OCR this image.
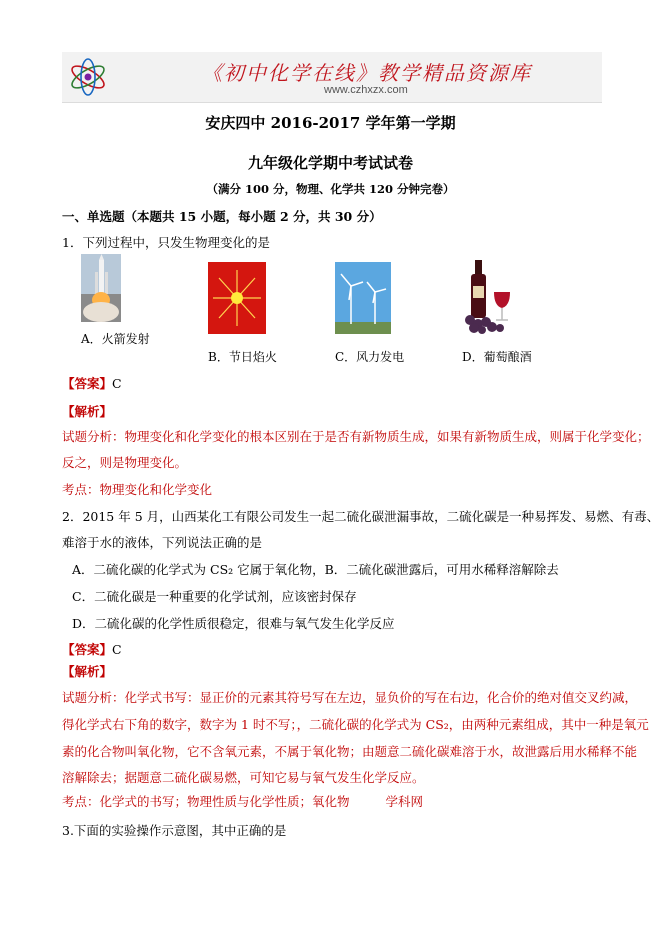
《初中化学在线》教学精品资源库
www.czhxzx.com
安庆四中 2016-2017 学年第一学期
九年级化学期中考试试卷
（满分 100 分，物理、化学共 120 分钟完卷）
一、单选题（本题共 15 小题，每小题 2 分，共 30 分）
1．下列过程中，只发生物理变化的是
A．火箭发射
B．节日焰火	C．风力发电	D．葡萄酿酒
【答案】C
【解析】
试题分析：物理变化和化学变化的根本区别在于是否有新物质生成，如果有新物质生成，则属于化学变化；
反之，则是物理变化。
考点：物理变化和化学变化
2．2015 年 5 月，山西某化工有限公司发生一起二硫化碳泄漏事故，二硫化碳是一种易挥发、易燃、有毒、
难溶于水的液体，下列说法正确的是
A．二硫化碳的化学式为 CS₂ 它属于氧化物，B．二硫化碳泄露后，可用水稀释溶解除去
C．二硫化碳是一种重要的化学试剂，应该密封保存
D．二硫化碳的化学性质很稳定，很难与氧气发生化学反应
【答案】C
【解析】
试题分析：化学式书写：显正价的元素其符号写在左边，显负价的写在右边，化合价的绝对值交叉约减，
得化学式右下角的数字，数字为 1 时不写；，二硫化碳的化学式为 CS₂，由两种元素组成，其中一种是氧元
素的化合物叫氧化物，它不含氧元素，不属于氧化物；由题意二硫化碳难溶于水，故泄露后用水稀释不能
溶解除去；据题意二硫化碳易燃，可知它易与氧气发生化学反应。
考点：化学式的书写；物理性质与化学性质；氧化物	学科网
3.下面的实验操作示意图，其中正确的是
